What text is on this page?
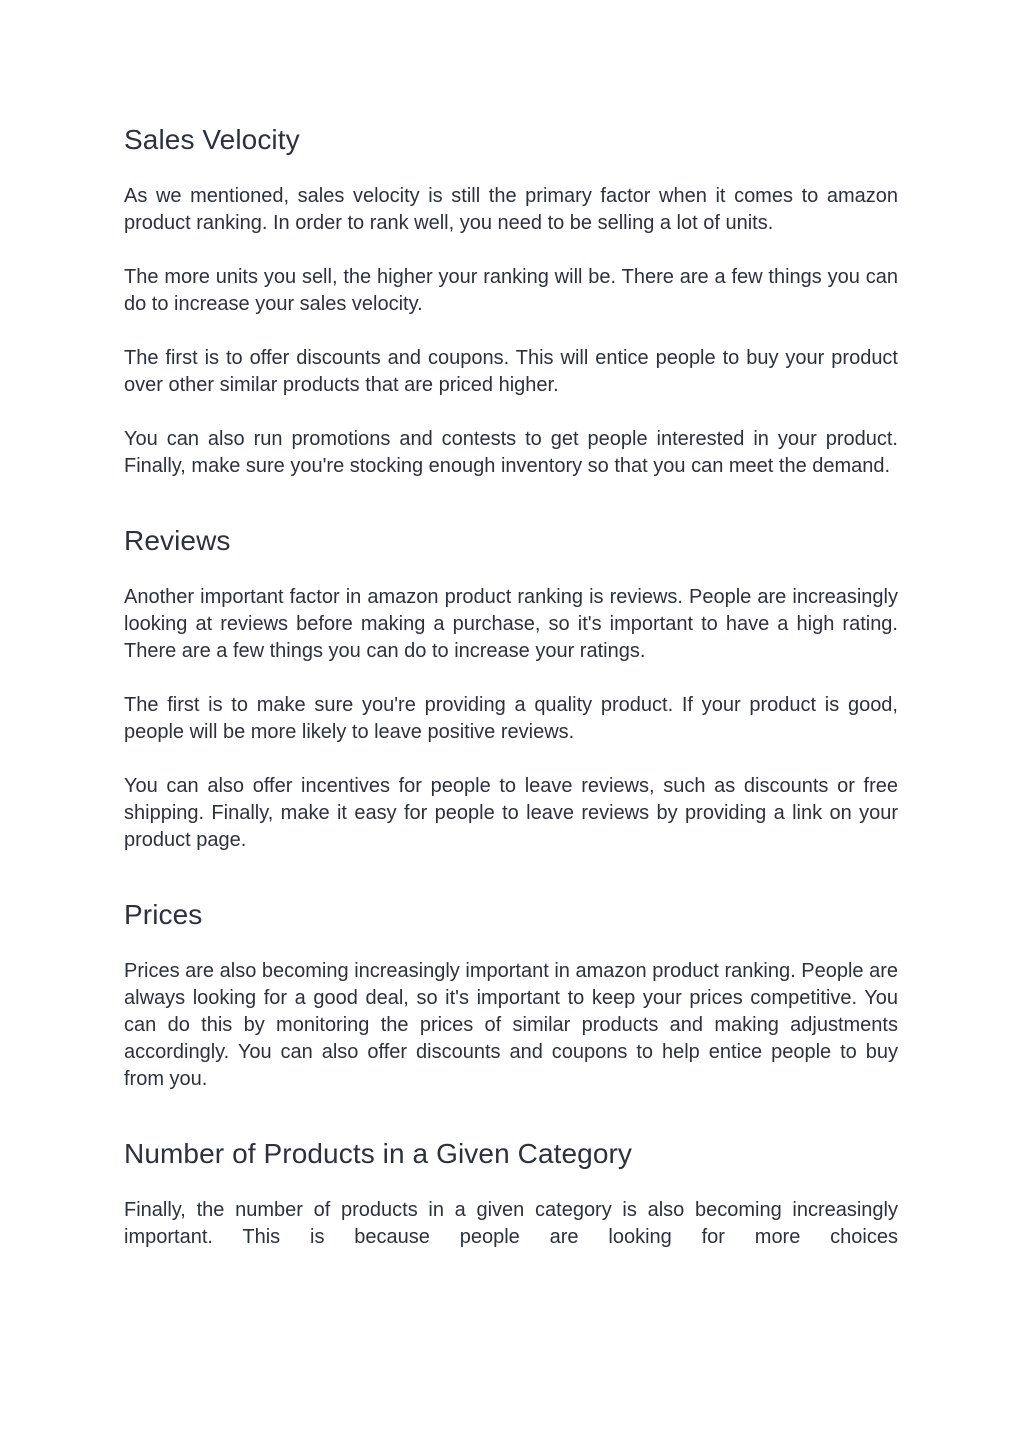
Sales Velocity

As we mentioned, sales velocity is still the primary factor when it comes to amazon product ranking. In order to rank well, you need to be selling a lot of units.

The more units you sell, the higher your ranking will be. There are a few things you can do to increase your sales velocity.

The first is to offer discounts and coupons. This will entice people to buy your product over other similar products that are priced higher.

You can also run promotions and contests to get people interested in your product. Finally, make sure you're stocking enough inventory so that you can meet the demand.

Reviews

Another important factor in amazon product ranking is reviews. People are increasingly looking at reviews before making a purchase, so it's important to have a high rating. There are a few things you can do to increase your ratings.

The first is to make sure you're providing a quality product. If your product is good, people will be more likely to leave positive reviews.

You can also offer incentives for people to leave reviews, such as discounts or free shipping. Finally, make it easy for people to leave reviews by providing a link on your product page.

Prices

Prices are also becoming increasingly important in amazon product ranking. People are always looking for a good deal, so it's important to keep your prices competitive. You can do this by monitoring the prices of similar products and making adjustments accordingly. You can also offer discounts and coupons to help entice people to buy from you.

Number of Products in a Given Category

Finally, the number of products in a given category is also becoming increasingly important. This is because people are looking for more choices
